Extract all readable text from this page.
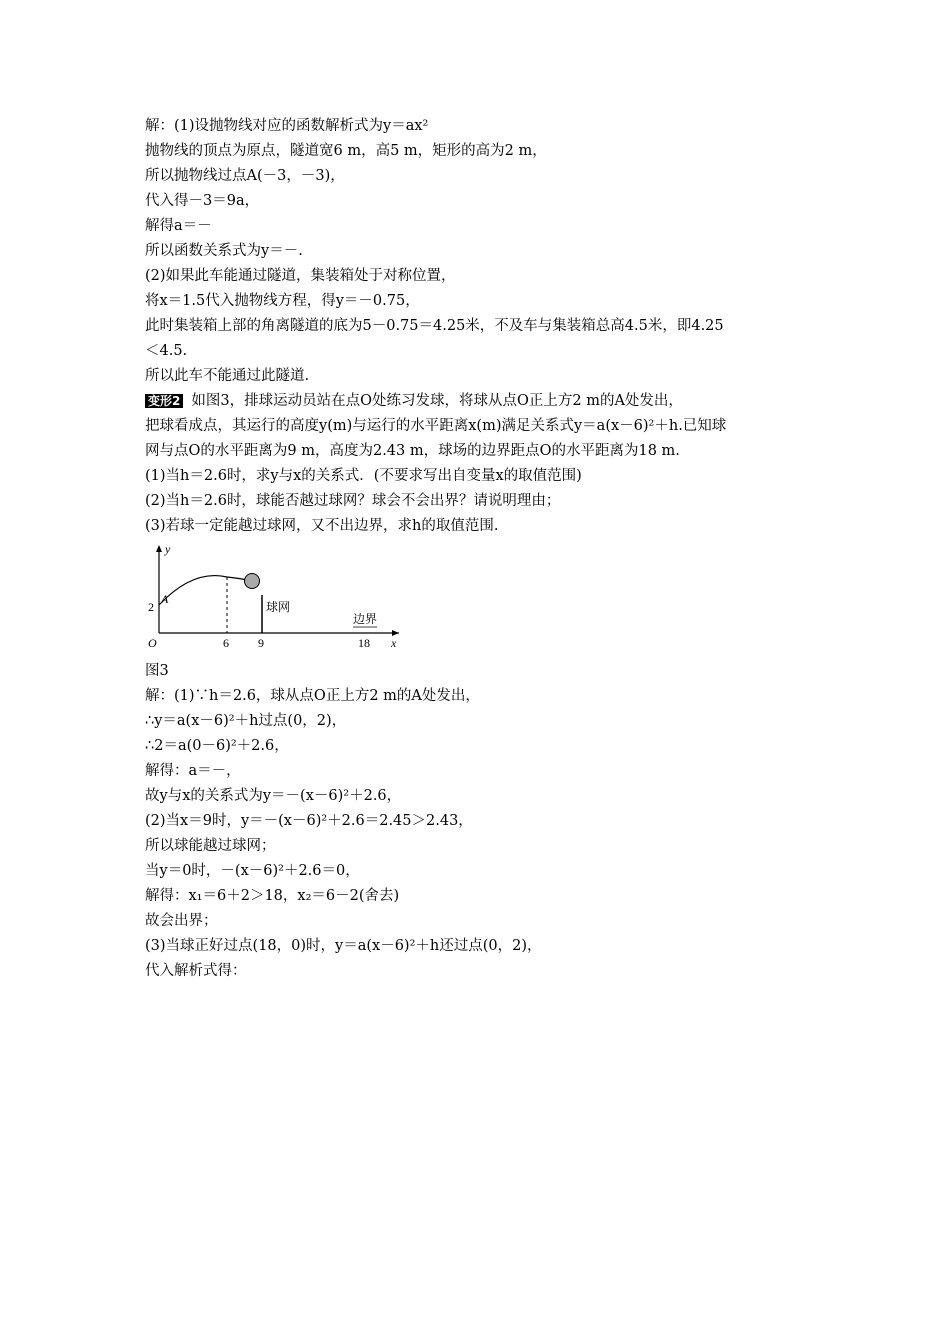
解：(1)设抛物线对应的函数解析式为y＝ax²
抛物线的顶点为原点，隧道宽6 m，高5 m，矩形的高为2 m，
所以抛物线过点A(－3，－3)，
代入得－3＝9a，
解得a＝－
所以函数关系式为y＝－.
(2)如果此车能通过隧道，集装箱处于对称位置，
将x＝1.5代入抛物线方程，得y＝－0.75，
此时集装箱上部的角离隧道的底为5－0.75＝4.25米，不及车与集装箱总高4.5米，即4.25
＜4.5.
所以此车不能通过此隧道.
变形2 如图3，排球运动员站在点O处练习发球，将球从点O正上方2 m的A处发出，
把球看成点，其运行的高度y(m)与运行的水平距离x(m)满足关系式y＝a(x－6)²＋h.已知球
网与点O的水平距离为9 m，高度为2.43 m，球场的边界距点O的水平距离为18 m.
(1)当h＝2.6时，求y与x的关系式．(不要求写出自变量x的取值范围)
(2)当h＝2.6时，球能否越过球网？球会不会出界？请说明理由；
(3)若球一定能越过球网，又不出边界，求h的取值范围.
y
x
O
A
2
6 9	18
球网
边界
图3
解：(1)∵h＝2.6，球从点O正上方2 m的A处发出，
∴y＝a(x－6)²＋h过点(0，2)，
∴2＝a(0－6)²＋2.6，
解得：a＝－，
故y与x的关系式为y＝－(x－6)²＋2.6，
(2)当x＝9时，y＝－(x－6)²＋2.6＝2.45＞2.43，
所以球能越过球网；
当y＝0时，－(x－6)²＋2.6＝0，
解得：x₁＝6＋2＞18，x₂＝6－2(舍去)
故会出界；
(3)当球正好过点(18，0)时，y＝a(x－6)²＋h还过点(0，2)，
代入解析式得：
